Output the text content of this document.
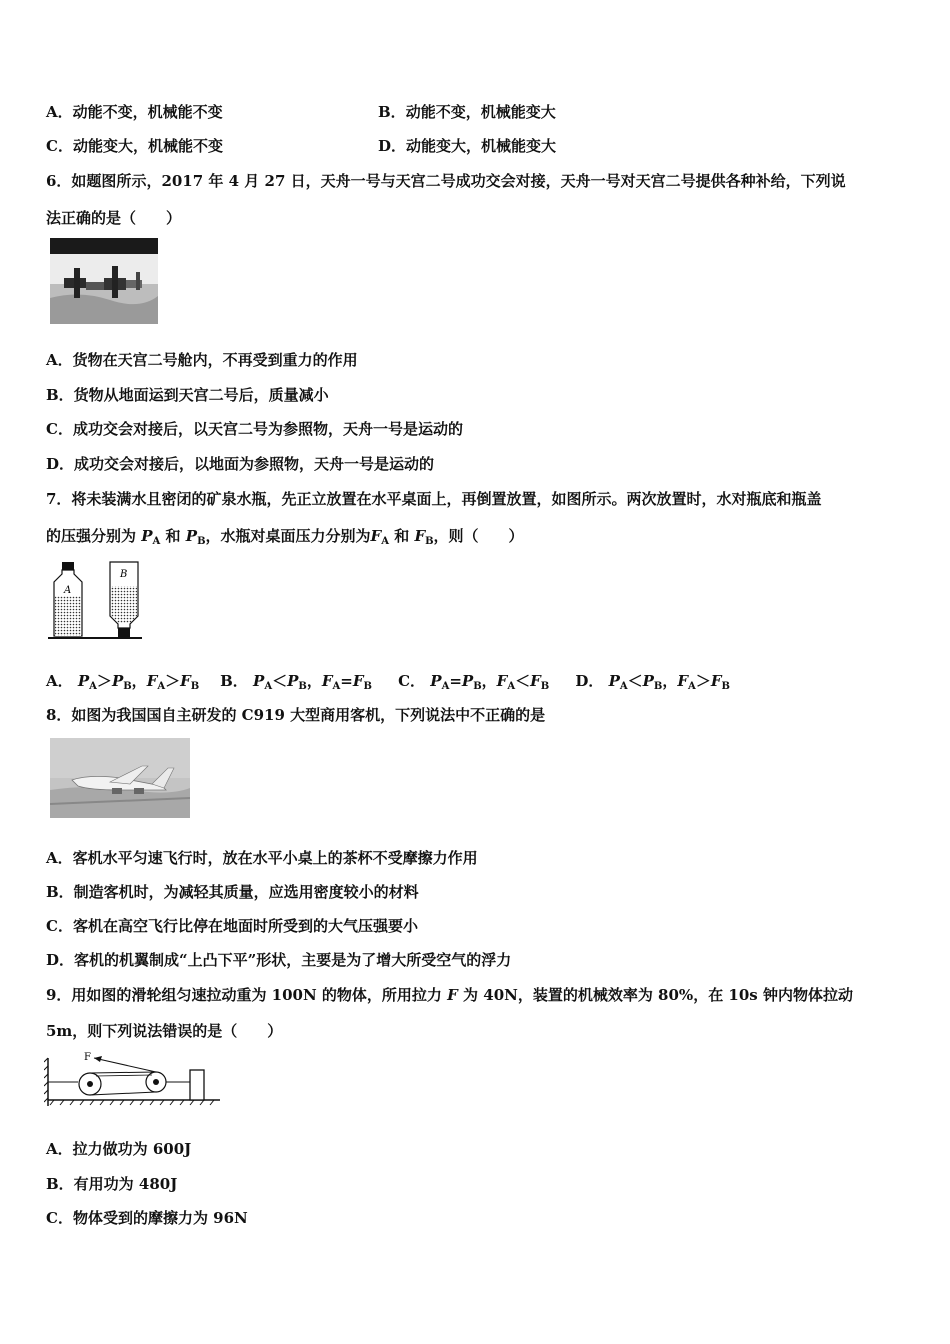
A．动能不变，机械能不变	B．动能不变，机械能变大
C．动能变大，机械能不变	D．动能变大，机械能变大
6．如题图所示，2017 年 4 月 27 日，天舟一号与天宫二号成功交会对接，天舟一号对天宫二号提供各种补给，下列说
法正确的是（　　）
A．货物在天宫二号舱内，不再受到重力的作用
B．货物从地面运到天宫二号后，质量减小
C．成功交会对接后，以天宫二号为参照物，天舟一号是运动的
D．成功交会对接后，以地面为参照物，天舟一号是运动的
7．将未装满水且密闭的矿泉水瓶，先正立放置在水平桌面上，再倒置放置，如图所示。两次放置时，水对瓶底和瓶盖
的压强分别为 $P_A$ 和 $P_B$，水瓶对桌面压力分别为$F_A$ 和 $F_B$，则（　　）
A
B
A． $P_A>P_B$，$F_A>F_B$ B． $P_A<P_B$，$F_A=F_B$ C． $P_A=P_B$，$F_A<F_B$ D． $P_A<P_B$，$F_A>F_B$
8．如图为我国国自主研发的 C919 大型商用客机，下列说法中不正确的是
A．客机水平匀速飞行时，放在水平小桌上的茶杯不受摩擦力作用
B．制造客机时，为减轻其质量，应选用密度较小的材料
C．客机在高空飞行比停在地面时所受到的大气压强要小
D．客机的机翼制成“上凸下平”形状，主要是为了增大所受空气的浮力
9．用如图的滑轮组匀速拉动重为 100N 的物体，所用拉力 F 为 40N，装置的机械效率为 80%，在 10s 钟内物体拉动
5m，则下列说法错误的是（　　）
F
A．拉力做功为 600J
B．有用功为 480J
C．物体受到的摩擦力为 96N
